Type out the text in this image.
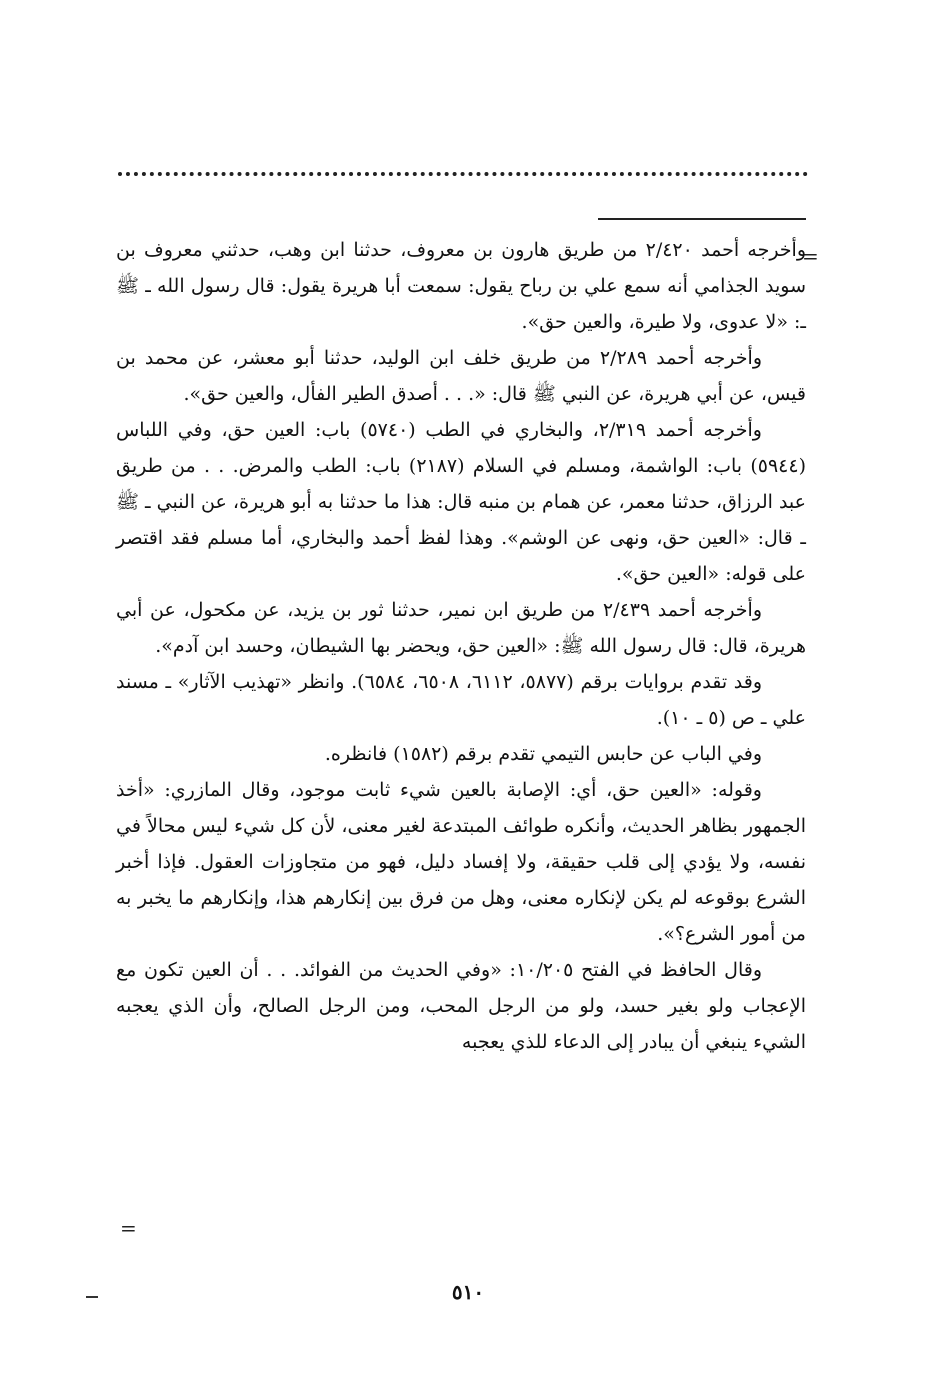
=

وأخرجه أحمد ٢/٤٢٠ من طريق هارون بن معروف، حدثنا ابن وهب، حدثني معروف بن سويد الجذامي أنه سمع علي بن رباح يقول: سمعت أبا هريرة يقول: قال رسول الله ـ ﷺ ـ: «لا عدوى، ولا طيرة، والعين حق».

وأخرجه أحمد ٢/٢٨٩ من طريق خلف ابن الوليد، حدثنا أبو معشر، عن محمد بن قيس، عن أبي هريرة، عن النبي ﷺ قال: «. . . أصدق الطير الفأل، والعين حق».

وأخرجه أحمد ٢/٣١٩، والبخاري في الطب (٥٧٤٠) باب: العين حق، وفي اللباس (٥٩٤٤) باب: الواشمة، ومسلم في السلام (٢١٨٧) باب: الطب والمرض. . . من طريق عبد الرزاق، حدثنا معمر، عن همام بن منبه قال: هذا ما حدثنا به أبو هريرة، عن النبي ـ ﷺ ـ قال: «العين حق، ونهى عن الوشم». وهذا لفظ أحمد والبخاري، أما مسلم فقد اقتصر على قوله: «العين حق».

وأخرجه أحمد ٢/٤٣٩ من طريق ابن نمير، حدثنا ثور بن يزيد، عن مكحول، عن أبي هريرة، قال: قال رسول الله ﷺ: «العين حق، ويحضر بها الشيطان، وحسد ابن آدم».

وقد تقدم بروايات برقم (٥٨٧٧، ٦١١٢، ٦٥٠٨، ٦٥٨٤). وانظر «تهذيب الآثار» ـ مسند علي ـ ص (٥ ـ ١٠).

وفي الباب عن حابس التيمي تقدم برقم (١٥٨٢) فانظره.

وقوله: «العين حق، أي: الإصابة بالعين شيء ثابت موجود، وقال المازري: «أخذ الجمهور بظاهر الحديث، وأنكره طوائف المبتدعة لغير معنى، لأن كل شيء ليس محالاً في نفسه، ولا يؤدي إلى قلب حقيقة، ولا إفساد دليل، فهو من متجاوزات العقول. فإذا أخبر الشرع بوقوعه لم يكن لإنكاره معنى، وهل من فرق بين إنكارهم هذا، وإنكارهم ما يخبر به من أمور الشرع؟».

وقال الحافظ في الفتح ١٠/٢٠٥: «وفي الحديث من الفوائد. . . أن العين تكون مع الإعجاب ولو بغير حسد، ولو من الرجل المحب، ومن الرجل الصالح، وأن الذي يعجبه الشيء ينبغي أن يبادر إلى الدعاء للذي يعجبه

=
٥١٠
